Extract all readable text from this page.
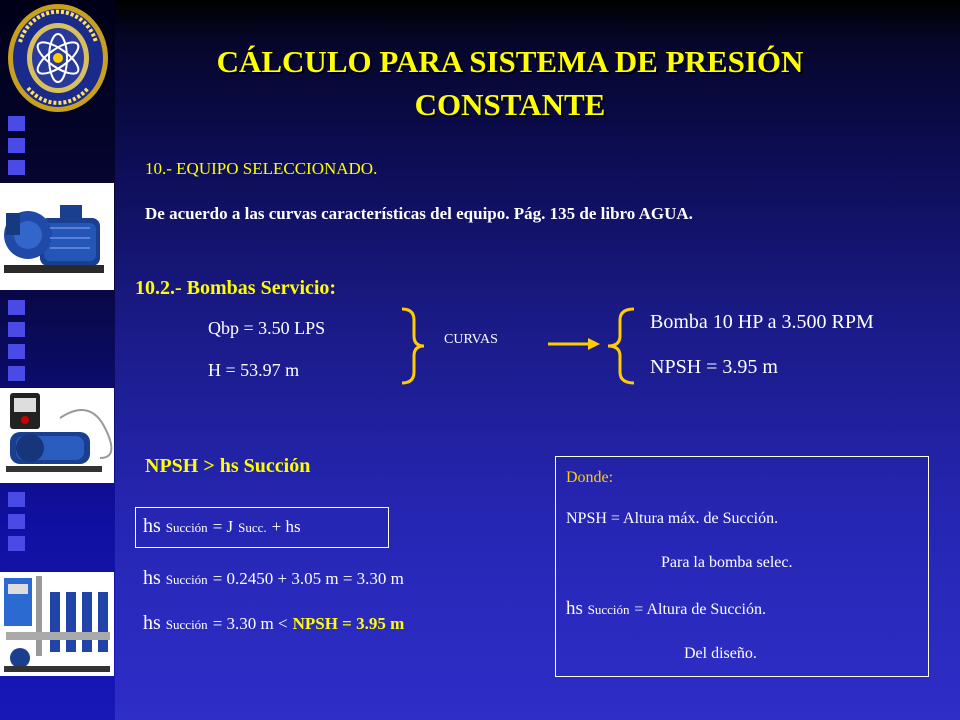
CÁLCULO PARA SISTEMA DE PRESIÓN CONSTANTE
10.- EQUIPO SELECCIONADO.
De acuerdo a las curvas características del equipo. Pág. 135 de libro AGUA.
10.2.- Bombas Servicio:
Qbp = 3.50 LPS
H = 53.97 m
CURVAS
Bomba 10 HP a 3.500 RPM
NPSH = 3.95 m
NPSH > hs Succión
hs Succión = J Succ. + hs
hs Succión = 0.2450 + 3.05 m = 3.30 m
hs Succión = 3.30 m < NPSH = 3.95 m
Donde:
NPSH = Altura máx. de Succión.
Para la bomba selec.
hs Succión = Altura de Succión.
Del diseño.
